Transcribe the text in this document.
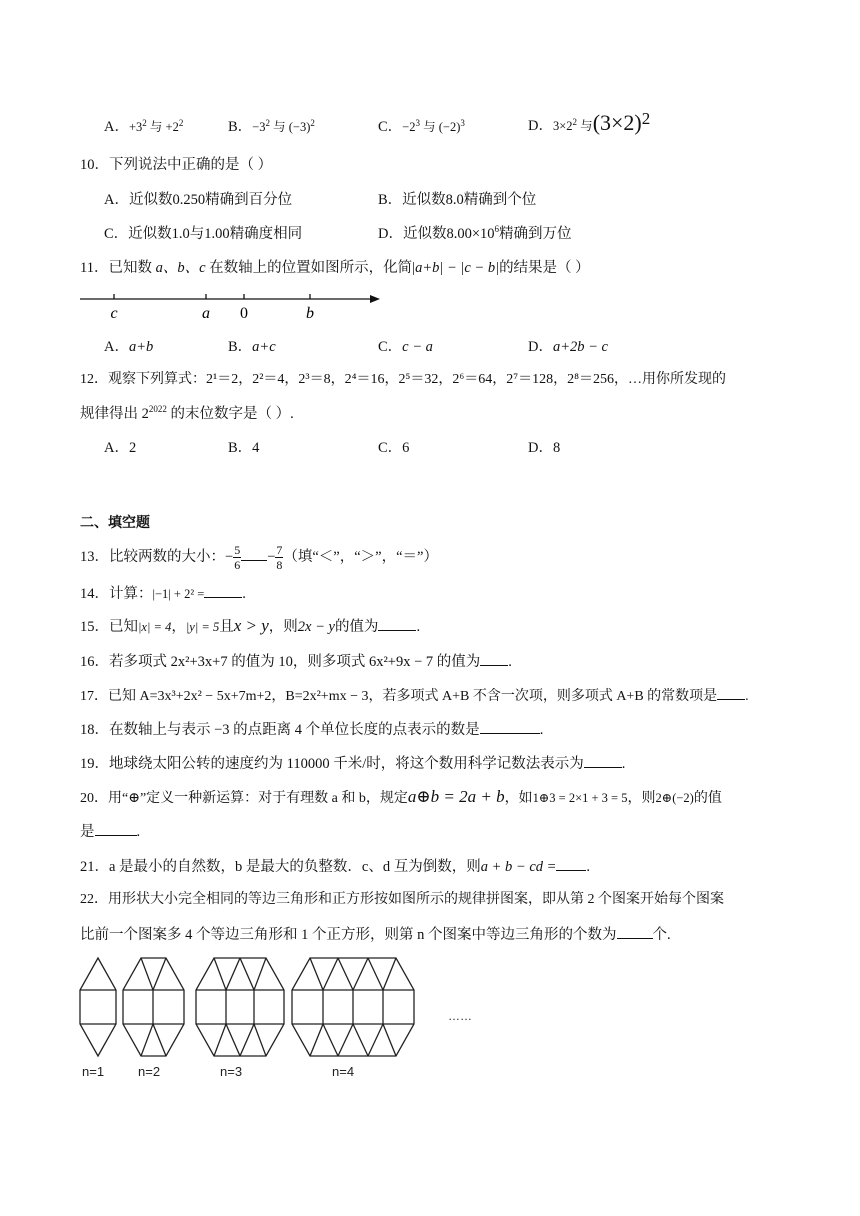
A．$+3^2$ 与 $+2^2$	B．$-3^2$ 与 $(-3)^2$	C．$-2^3$ 与 $(-2)^3$	D．$3\times 2^2$ 与(3×2)2
10．下列说法中正确的是（ ）
A．近似数0.250精确到百分位	B．近似数8.0精确到个位
C．近似数1.0与1.00精确度相同	D．近似数$8.00\times 10^6$精确到万位
11．已知数 a、b、c 在数轴上的位置如图所示，化简|a+b| − |c − b|的结果是（ ）
c	a 0	b
A．a+b	B．a+c	C．c − a	D．a+2b − c
12．观察下列算式：2¹＝2，2²＝4，2³＝8，2⁴＝16，2⁵＝32，2⁶＝64，2⁷＝128，2⁸＝256，…用你所发现的
规律得出 $2^{2022}$ 的末位数字是（ ）.
A．2	B．4	C．6	D．8
二、填空题
13．比较两数的大小：− $\frac{5}{6} - \frac{7}{8}$ （填“＜”，“＞”，“＝”）
14．计算：|−1| + 2² =	.
15．已知|x| = 4，|y| = 5且x > y，则2x − y的值为	.
16．若多项式 2x²+3x+7 的值为 10，则多项式 6x²+9x − 7 的值为 .
17．已知 A=3x³+2x² − 5x+7m+2，B=2x²+mx − 3，若多项式 A+B 不含一次项，则多项式 A+B 的常数项是 .
18．在数轴上与表示 −3 的点距离 4 个单位长度的点表示的数是	.
19．地球绕太阳公转的速度约为 110000 千米/时，将这个数用科学记数法表示为	.
20．用“⊕”定义一种新运算：对于有理数 a 和 b，规定a⊕b = 2a + b，如1⊕3 = 2×1 + 3 = 5，则2⊕(−2)的值
是	.
21．a 是最小的自然数，b 是最大的负整数．c、d 互为倒数，则a + b − cd = .
22．用形状大小完全相同的等边三角形和正方形按如图所示的规律拼图案，即从第 2 个图案开始每个图案
比前一个图案多 4 个等边三角形和 1 个正方形，则第 n 个图案中等边三角形的个数为 个.
……
n=1	n=2	n=3	n=4
